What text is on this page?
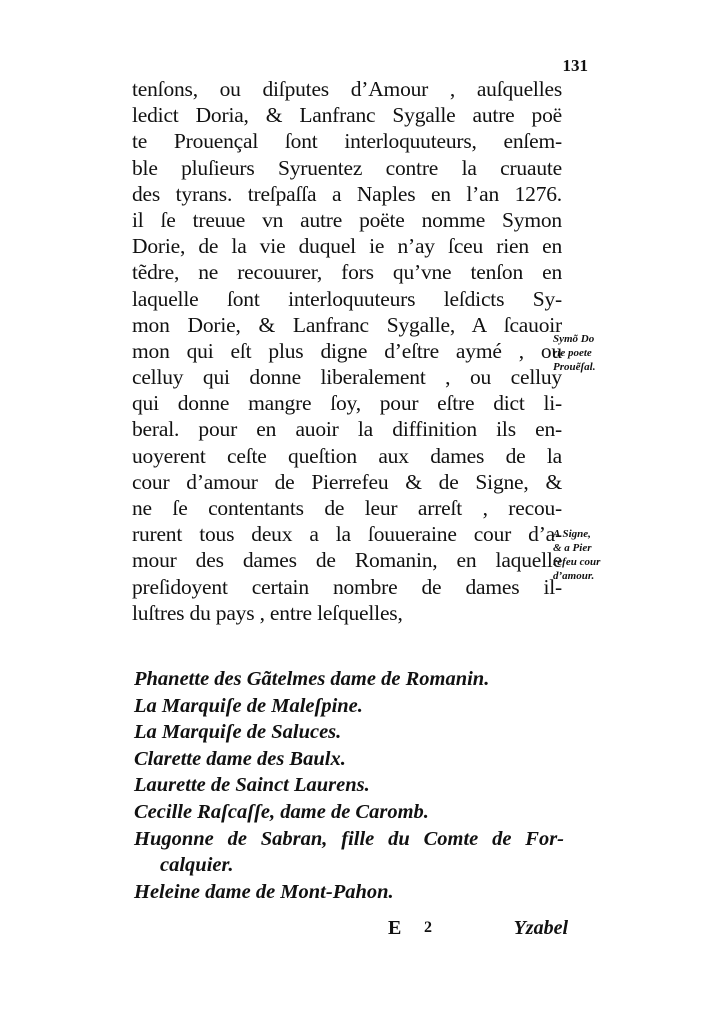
131
tenſons, ou diſputes d’Amour , auſquelles
ledict Doria, & Lanfranc Sygalle autre poë
te Prouençal ſont interloquuteurs, enſem-
ble pluſieurs Syruentez contre la cruaute
des tyrans. treſpaſſa a Naples en l’an 1276.
il ſe treuue vn autre poëte nomme Symon
Dorie, de la vie duquel ie n’ay ſceu rien en
tẽdre, ne recouurer, fors qu’vne tenſon en
laquelle ſont interloquuteurs leſdicts Sy-
mon Dorie, & Lanfranc Sygalle, A ſcauoir
mon qui eſt plus digne d’eſtre aymé , ou
celluy qui donne liberalement , ou celluy
qui donne mangre ſoy, pour eſtre dict li-
beral. pour en auoir la diffinition ils en-
uoyerent ceſte queſtion aux dames de la
cour d’amour de Pierrefeu & de Signe, &
ne ſe contentants de leur arreſt , recou-
rurent tous deux a la ſouueraine cour d’a-
mour des dames de Romanin, en laquelle
preſidoyent certain nombre de dames il-
luſtres du pays , entre leſquelles,
Symõ Do
rie poete
Prouẽſal.
A Signe,
& a Pier
refeu cour
d’amour.
Phanette des Gãtelmes dame de Romanin.
La Marquiſe de Maleſpine.
La Marquiſe de Saluces.
Clarette dame des Baulx.
Laurette de Sainct Laurens.
Cecille Raſcaſſe, dame de Caromb.
Hugonne de Sabran, fille du Comte de For-
calquier.
Heleine dame de Mont-Pahon.
E 2	Yzabel
